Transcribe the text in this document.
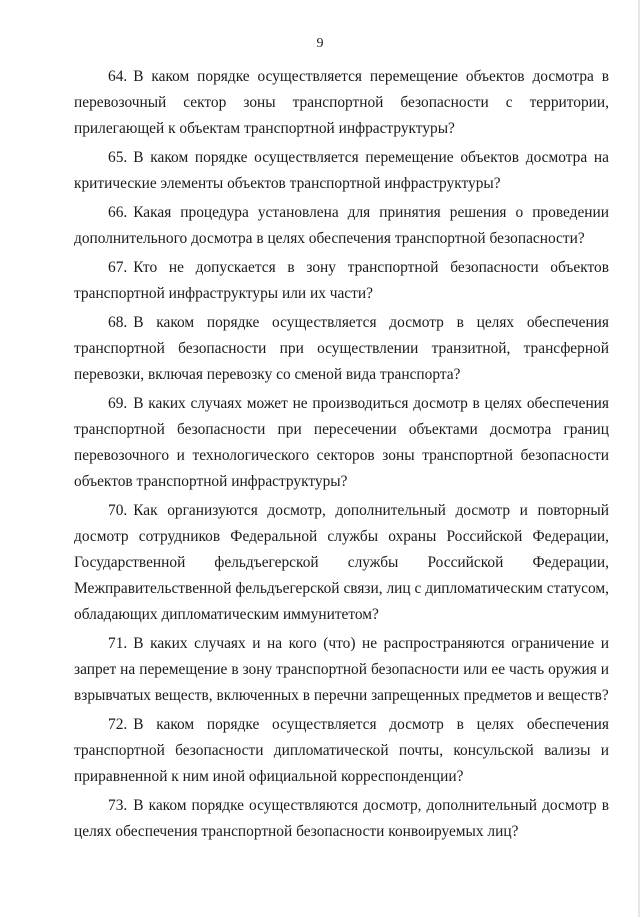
9

64. В каком порядке осуществляется перемещение объектов досмотра в перевозочный сектор зоны транспортной безопасности с территории, прилегающей к объектам транспортной инфраструктуры?

65. В каком порядке осуществляется перемещение объектов досмотра на критические элементы объектов транспортной инфраструктуры?

66. Какая процедура установлена для принятия решения о проведении дополнительного досмотра в целях обеспечения транспортной безопасности?

67. Кто не допускается в зону транспортной безопасности объектов транспортной инфраструктуры или их части?

68. В каком порядке осуществляется досмотр в целях обеспечения транспортной безопасности при осуществлении транзитной, трансферной перевозки, включая перевозку со сменой вида транспорта?

69. В каких случаях может не производиться досмотр в целях обеспечения транспортной безопасности при пересечении объектами досмотра границ перевозочного и технологического секторов зоны транспортной безопасности объектов транспортной инфраструктуры?

70. Как организуются досмотр, дополнительный досмотр и повторный досмотр сотрудников Федеральной службы охраны Российской Федерации, Государственной фельдъегерской службы Российской Федерации, Межправительственной фельдъегерской связи, лиц с дипломатическим статусом, обладающих дипломатическим иммунитетом?

71. В каких случаях и на кого (что) не распространяются ограничение и запрет на перемещение в зону транспортной безопасности или ее часть оружия и взрывчатых веществ, включенных в перечни запрещенных предметов и веществ?

72. В каком порядке осуществляется досмотр в целях обеспечения транспортной безопасности дипломатической почты, консульской вализы и приравненной к ним иной официальной корреспонденции?

73. В каком порядке осуществляются досмотр, дополнительный досмотр в целях обеспечения транспортной безопасности конвоируемых лиц?
